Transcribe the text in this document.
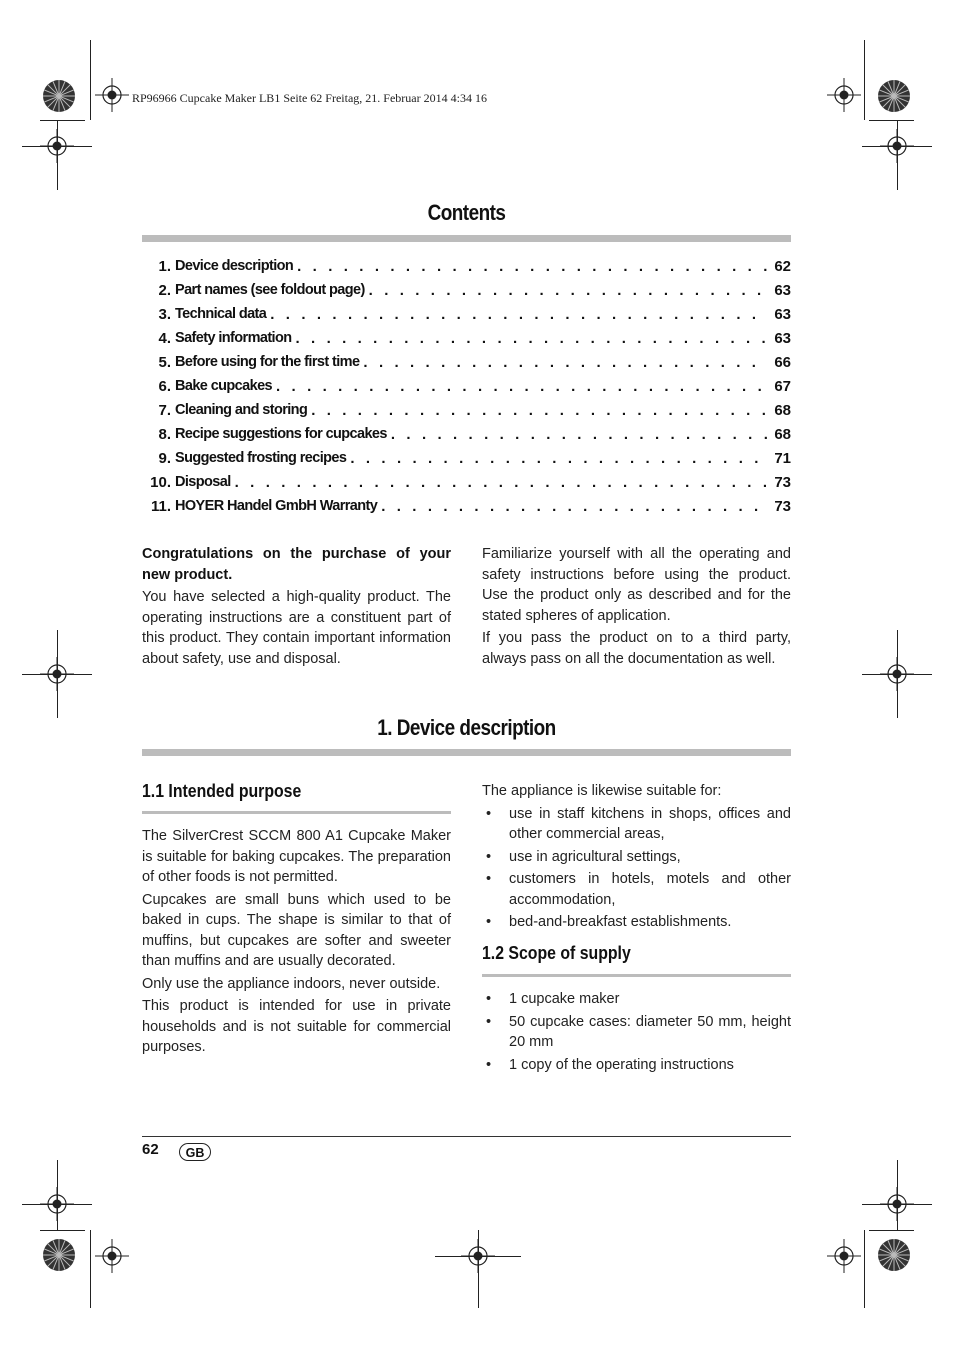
RP96966 Cupcake Maker LB1 Seite 62 Freitag, 21. Februar 2014 4:34 16
Contents
1. Device description . . .	62
2. Part names (see foldout page) . . .	63
3. Technical data . . .	63
4. Safety information . . .	63
5. Before using for the first time . . .	66
6. Bake cupcakes . . .	67
7. Cleaning and storing . . .	68
8. Recipe suggestions for cupcakes . . .	68
9. Suggested frosting recipes . . .	71
10. Disposal . . .	73
11. HOYER Handel GmbH Warranty . . .	73

Congratulations on the purchase of your new product.

You have selected a high-quality product. The operating instructions are a constituent part of this product. They contain important information about safety, use and disposal.

Familiarize yourself with all the operating and safety instructions before using the product. Use the product only as described and for the stated spheres of application.

If you pass the product on to a third party, always pass on all the documentation as well.

1. Device description
1.1 Intended purpose

The SilverCrest SCCM 800 A1 Cupcake Maker is suitable for baking cupcakes. The preparation of other foods is not permitted.

Cupcakes are small buns which used to be baked in cups. The shape is similar to that of muffins, but cupcakes are softer and sweeter than muffins and are usually decorated.

Only use the appliance indoors, never outside.

This product is intended for use in private households and is not suitable for commercial purposes.

The appliance is likewise suitable for:

• use in staff kitchens in shops, offices and other commercial areas,
• use in agricultural settings,
• customers in hotels, motels and other accommodation,
• bed-and-breakfast establishments.
1.2 Scope of supply
• 1 cupcake maker
• 50 cupcake cases: diameter 50 mm, height 20 mm
• 1 copy of the operating instructions
62	GB
